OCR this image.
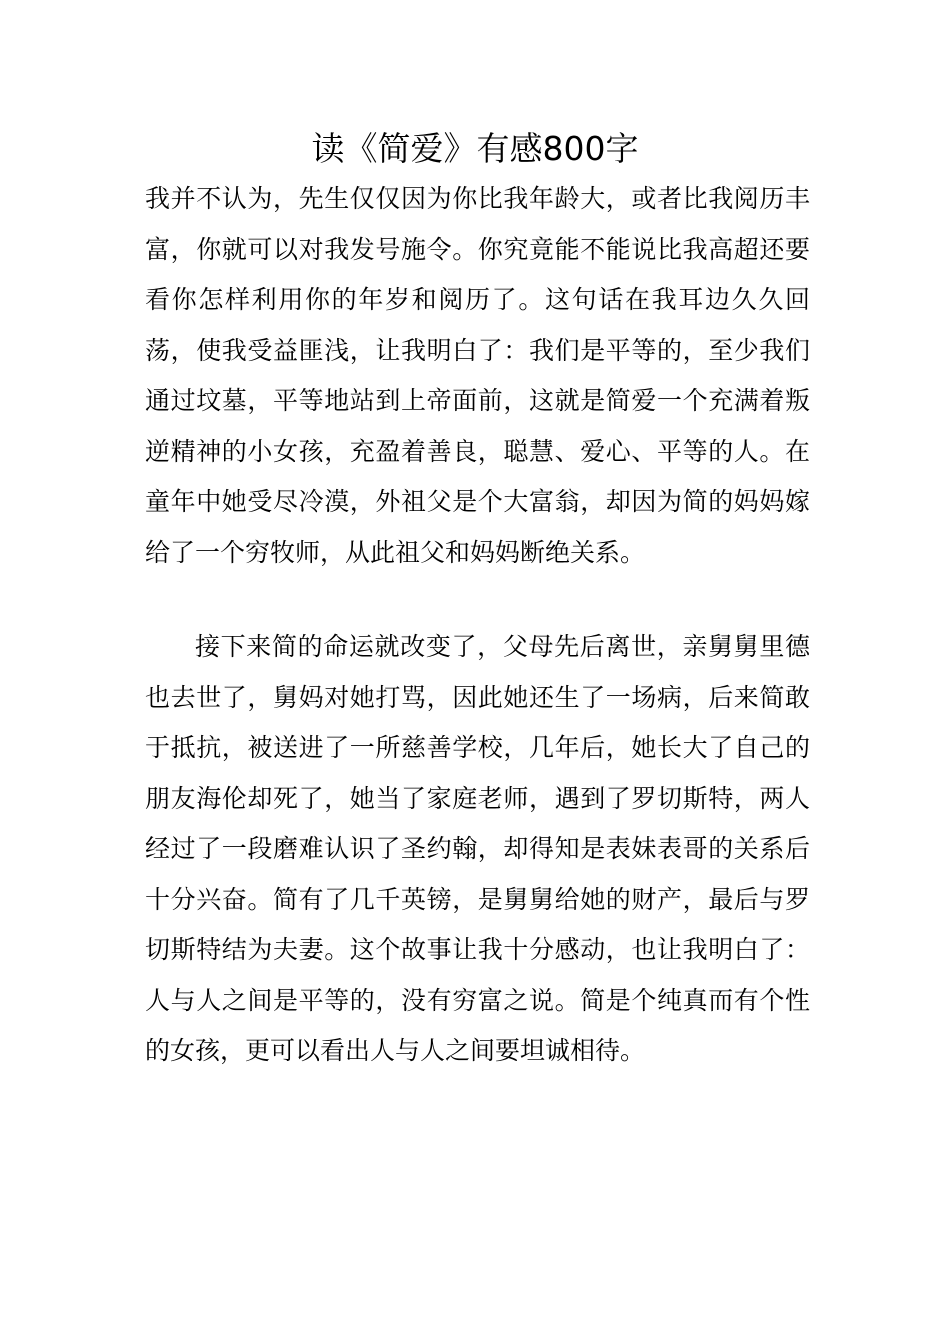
读《简爱》有感800字

我并不认为，先生仅仅因为你比我年龄大，或者比我阅历丰富，你就可以对我发号施令。你究竟能不能说比我高超还要看你怎样利用你的年岁和阅历了。这句话在我耳边久久回荡，使我受益匪浅，让我明白了：我们是平等的，至少我们通过坟墓，平等地站到上帝面前，这就是简爱一个充满着叛逆精神的小女孩，充盈着善良，聪慧、爱心、平等的人。在童年中她受尽冷漠，外祖父是个大富翁，却因为简的妈妈嫁给了一个穷牧师，从此祖父和妈妈断绝关系。

接下来简的命运就改变了，父母先后离世，亲舅舅里德也去世了，舅妈对她打骂，因此她还生了一场病，后来简敢于抵抗，被送进了一所慈善学校，几年后，她长大了自己的朋友海伦却死了，她当了家庭老师，遇到了罗切斯特，两人经过了一段磨难认识了圣约翰，却得知是表妹表哥的关系后十分兴奋。简有了几千英镑，是舅舅给她的财产，最后与罗切斯特结为夫妻。这个故事让我十分感动，也让我明白了：人与人之间是平等的，没有穷富之说。简是个纯真而有个性的女孩，更可以看出人与人之间要坦诚相待。
